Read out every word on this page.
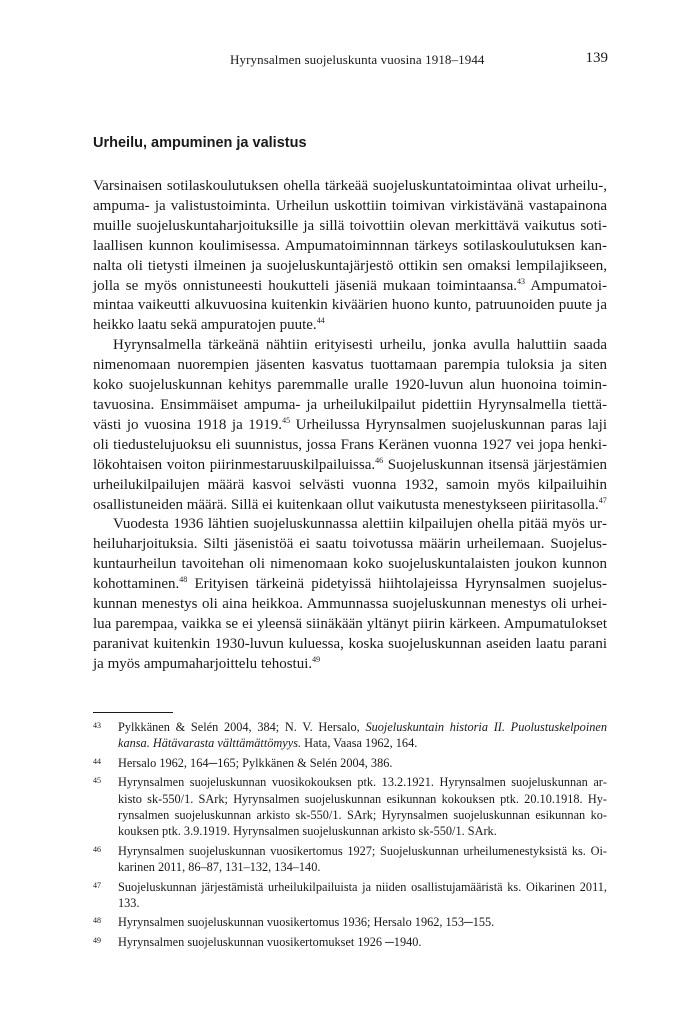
Hyrynsalmen suojeluskunta vuosina 1918–1944	139
Urheilu, ampuminen ja valistus

Varsinaisen sotilaskoulutuksen ohella tärkeää suojeluskuntatoimintaa olivat urheilu-, ampuma- ja valistustoiminta. Urheilun uskottiin toimivan virkistävänä vastapainona muille suojeluskuntaharjoituksille ja sillä toivottiin olevan merkittävä vaikutus sotilaallisen kunnon koulimisessa. Ampumatoiminnnan tärkeys sotilaskoulutuksen kannalta oli tietysti ilmeinen ja suojeluskuntajärjestö ottikin sen omaksi lempilajikseen, jolla se myös onnistuneesti houkutteli jäseniä mukaan toimintaansa.$^{43}$ Ampumatoimintaa vaikeutti alkuvuosina kuitenkin kiväärien huono kunto, patruunoiden puute ja heikko laatu sekä ampuratojen puute.$^{44}$

Hyrynsalmella tärkeänä nähtiin erityisesti urheilu, jonka avulla haluttiin saada nimenomaan nuorempien jäsenten kasvatus tuottamaan parempia tuloksia ja siten koko suojeluskunnan kehitys paremmalle uralle 1920-luvun alun huonoina toimintavuosina. Ensimmäiset ampuma- ja urheilukilpailut pidettiin Hyrynsalmella tiettävästi jo vuosina 1918 ja 1919.45 Urheilussa Hyrynsalmen suojeluskunnan paras laji oli tiedustelujuoksu eli suunnistus, jossa Frans Keränen vuonna 1927 vei jopa henkilökohtaisen voiton piirinmestaruuskilpailuissa.$^{46}$ Suojeluskunnan itsensä järjestämien urheilukilpailujen määrä kasvoi selvästi vuonna 1932, samoin myös kilpailuihin osallistuneiden määrä. Sillä ei kuitenkaan ollut vaikutusta menestykseen piiritasolla.$^{47}$

Vuodesta 1936 lähtien suojeluskunnassa alettiin kilpailujen ohella pitää myös urheiluharjoituksia. Silti jäsenistöä ei saatu toivotussa määrin urheilemaan. Suojeluskuntaurheilun tavoitehan oli nimenomaan koko suojeluskuntalaisten joukon kunnon kohottaminen.$^{48}$ Erityisen tärkeinä pidetyissä hiihtolajeissa Hyrynsalmen suojeluskunnan menestys oli aina heikkoa. Ammunnassa suojeluskunnan menestys oli urheilua parempaa, vaikka se ei yleensä siinäkään yltänyt piirin kärkeen. Ampumatulokset paranivat kuitenkin 1930-luvun kuluessa, koska suojeluskunnan aseiden laatu parani ja myös ampumaharjoittelu tehostui.$^{49}$

43	Pylkkänen & Selén 2004, 384; N. V. Hersalo, Suojeluskuntain historia II. Puolustuskelpoinen kansa. Hätävarasta välttämättömyys. Hata, Vaasa 1962, 164.
44	Hersalo 1962, 164─165; Pylkkänen & Selén 2004, 386.
45	Hyrynsalmen suojeluskunnan vuosikokouksen ptk. 13.2.1921. Hyrynsalmen suojeluskunnan arkisto sk-550/1. SArk; Hyrynsalmen suojeluskunnan esikunnan kokouksen ptk. 20.10.1918. Hyrynsalmen suojeluskunnan arkisto sk-550/1. SArk; Hyrynsalmen suojeluskunnan esikunnan kokouksen ptk. 3.9.1919. Hyrynsalmen suojeluskunnan arkisto sk-550/1. SArk.
46	Hyrynsalmen suojeluskunnan vuosikertomus 1927; Suojeluskunnan urheilumenestyksistä ks. Oikarinen 2011, 86–87, 131–132, 134–140.
47	Suojeluskunnan järjestämistä urheilukilpailuista ja niiden osallistujamääristä ks. Oikarinen 2011, 133.
48	Hyrynsalmen suojeluskunnan vuosikertomus 1936; Hersalo 1962, 153─155.
49	Hyrynsalmen suojeluskunnan vuosikertomukset 1926 ─1940.
